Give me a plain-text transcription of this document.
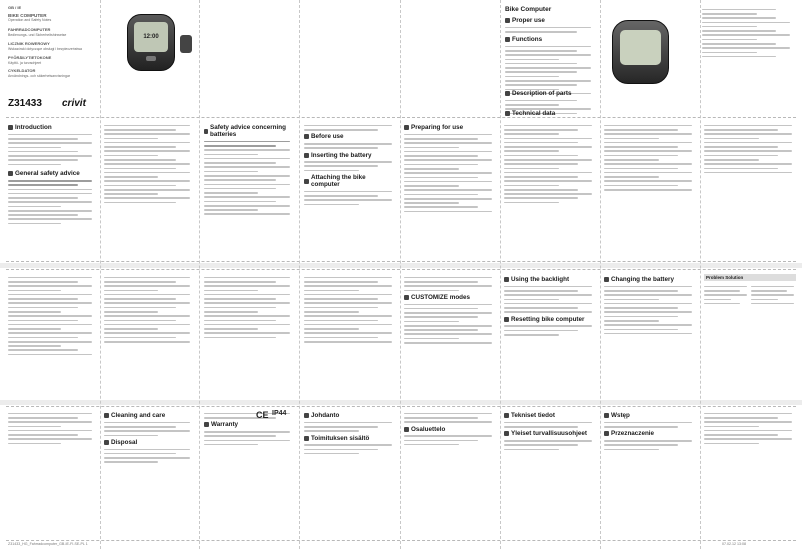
GB / IE
BIKE COMPUTER
Operation and Safety Notes
FAHRRADCOMPUTER
Bedienungs- und Sicherheitshinweise
LICZNIK ROWEROWY
Wskazówki dotyczące obsługi i bezpieczeństwa
PYÖRÄILYTIETOKONE
Käyttö- ja turvaohjeet
CYKELDATOR
Användnings- och säkerhetsanvisningar
Z31433 crivit
12:00
Bike Computer
Proper use
Functions
Description of parts
Technical data
Introduction
General safety advice
Safety advice concerning batteries	Before use
Inserting the battery
Attaching the bike computer
Preparing for use
CUSTOMIZE modes
Using the backlight
Resetting bike computer
Changing the battery	Problem Solution
Cleaning and care
Disposal
Warranty
CE IP44	Johdanto
Toimituksen sisältö
Osaluettelo
Tekniset tiedot
Yleiset turvallisuusohjeet
Wstęp
Przeznaczenie
Z31433_HG_Fahrradcomputer_GB-IE-FI-SE-PL 1	07.02.12 13:08
